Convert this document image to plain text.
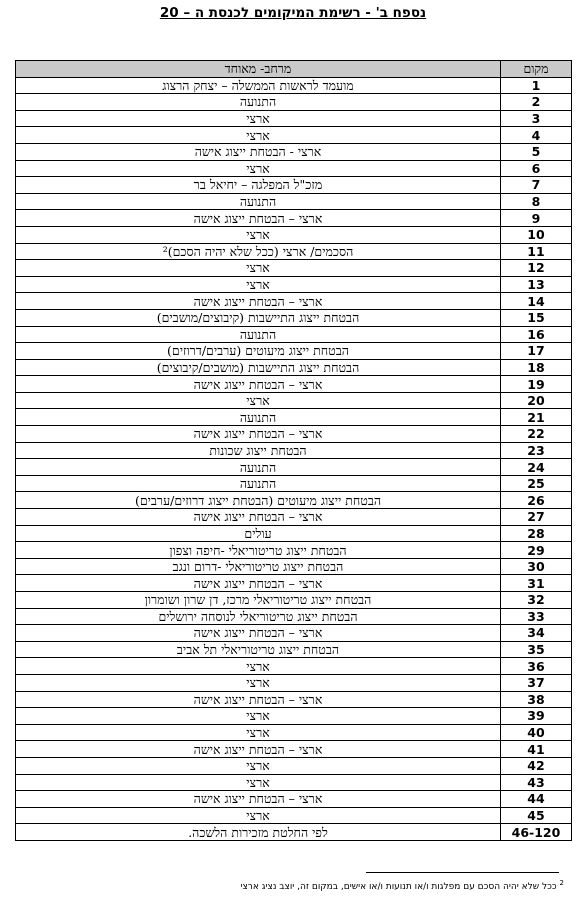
נספח ב' - רשימת המיקומים לכנסת ה – 20
מקום	מרחב- מאוחד
1	מועמד לראשות הממשלה – יצחק הרצוג
2	התנועה
3	ארצי
4	ארצי
5	ארצי - הבטחת ייצוג אישה
6	ארצי
7	מזכ"ל המפלגה – יחיאל בר
8	התנועה
9	ארצי – הבטחת ייצוג אישה
10	ארצי
11	הסכמים/ ארצי (ככל שלא יהיה הסכם)²
12	ארצי
13	ארצי
14	ארצי – הבטחת ייצוג אישה
15	הבטחת ייצוג התיישבות (קיבוצים/מושבים)
16	התנועה
17	הבטחת ייצוג מיעוטים (ערבים/דרוזים)
18	הבטחת ייצוג התיישבות (מושבים/קיבוצים)
19	ארצי – הבטחת ייצוג אישה
20	ארצי
21	התנועה
22	ארצי – הבטחת ייצוג אישה
23	הבטחת ייצוג שכונות
24	התנועה
25	התנועה
26	הבטחת ייצוג מיעוטים (הבטחת ייצוג דרוזים/ערבים)
27	ארצי – הבטחת ייצוג אישה
28	עולים
29	הבטחת ייצוג טריטוריאלי -חיפה וצפון
30	הבטחת ייצוג טריטוריאלי -דרום ונגב
31	ארצי – הבטחת ייצוג אישה
32	הבטחת ייצוג טריטוריאלי מרכז, דן שרון ושומרון
33	הבטחת ייצוג טריטוריאלי לנוסחה ירושלים
34	ארצי – הבטחת ייצוג אישה
35	הבטחת ייצוג טריטוריאלי תל אביב
36	ארצי
37	ארצי
38	ארצי – הבטחת ייצוג אישה
39	ארצי
40	ארצי
41	ארצי – הבטחת ייצוג אישה
42	ארצי
43	ארצי
44	ארצי – הבטחת ייצוג אישה
45	ארצי
46-120	לפי החלטת מזכירות הלשכה.
$^2$ ככל שלא יהיה הסכם עם מפלגות ו/או תנועות ו/או אישים, במקום זה, יוצב נציג ארצי
